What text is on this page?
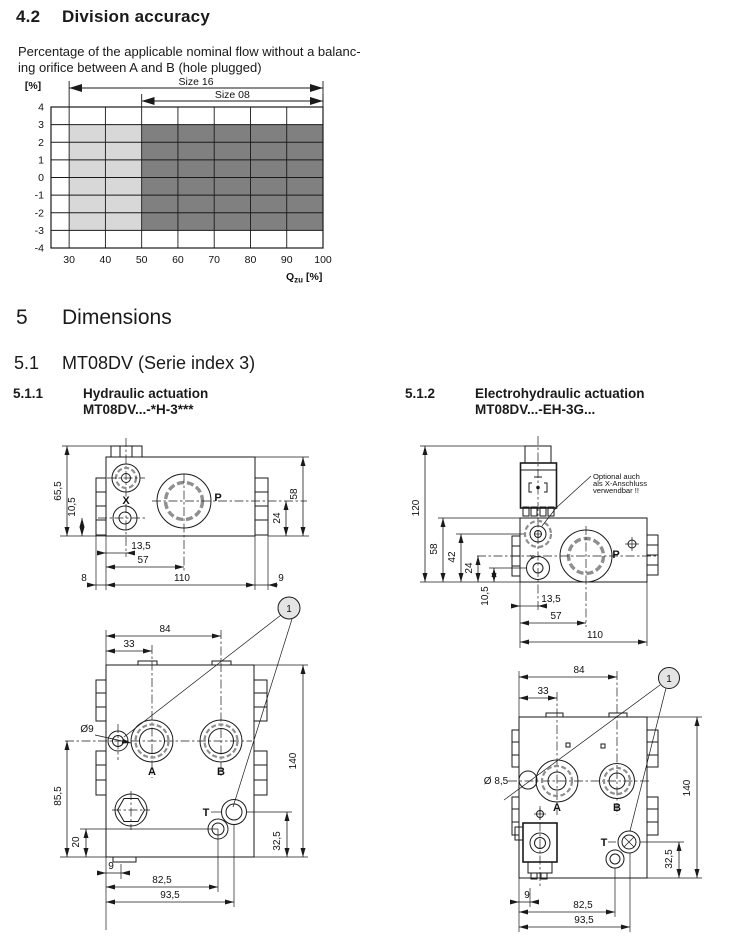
4.2	Division accuracy

Percentage of the applicable nominal flow without a balanc-
ing orifice between A and B (hole plugged)

4
3
2
1
0
-1
-2
-3
-4
30 40 50 60 70 80 90 100
[%]
$Q_{zu}$ [%]
Size 16
Size 08
5	Dimensions
5.1	MT08DV (Serie index 3)
5.1.1	Hydraulic actuation
MT08DV...-*H-3***
5.1.2	Electrohydraulic actuation
MT08DV...-EH-3G...
X	P
65,5
10,5
58
24
13,5
57
8	110	9
1
Ø9
A	B
T
84
33
85,5
20
140
32,5
9
82,5
93,5
P
x
Optional auch
als X-Anschluss
verwendbar !!
120
58
42
24
10,5	13,5
57
110
1
Ø 8,5
A	B
T
84
33
140
32,5
9
82,5
93,5
